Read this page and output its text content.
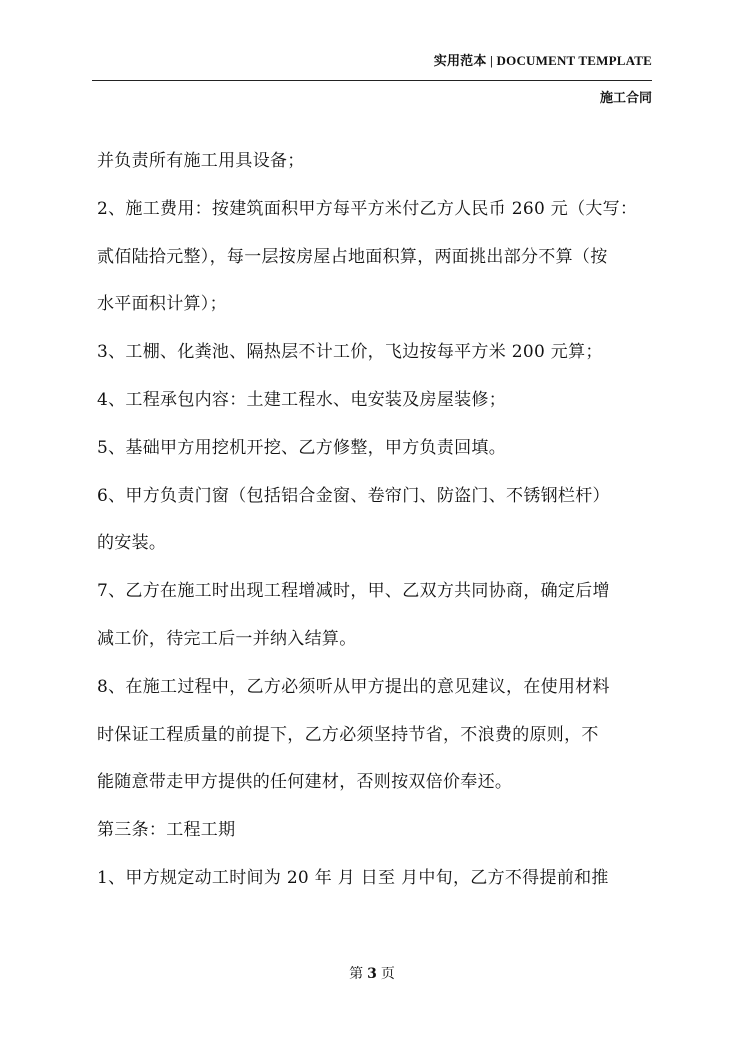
实用范本 | DOCUMENT TEMPLATE
施工合同
并负责所有施工用具设备；
2、施工费用：按建筑面积甲方每平方米付乙方人民币 260 元（大写：
贰佰陆拾元整），每一层按房屋占地面积算，两面挑出部分不算（按
水平面积计算）；
3、工棚、化粪池、隔热层不计工价，飞边按每平方米 200 元算；
4、工程承包内容：土建工程水、电安装及房屋装修；
5、基础甲方用挖机开挖、乙方修整，甲方负责回填。
6、甲方负责门窗（包括铝合金窗、卷帘门、防盗门、不锈钢栏杆）
的安装。
7、乙方在施工时出现工程增减时，甲、乙双方共同协商，确定后增
减工价，待完工后一并纳入结算。
8、在施工过程中，乙方必须听从甲方提出的意见建议，在使用材料
时保证工程质量的前提下，乙方必须坚持节省，不浪费的原则，不
能随意带走甲方提供的任何建材，否则按双倍价奉还。
第三条：工程工期
1、甲方规定动工时间为 20 年 月 日至 月中旬，乙方不得提前和推
第 3 页
